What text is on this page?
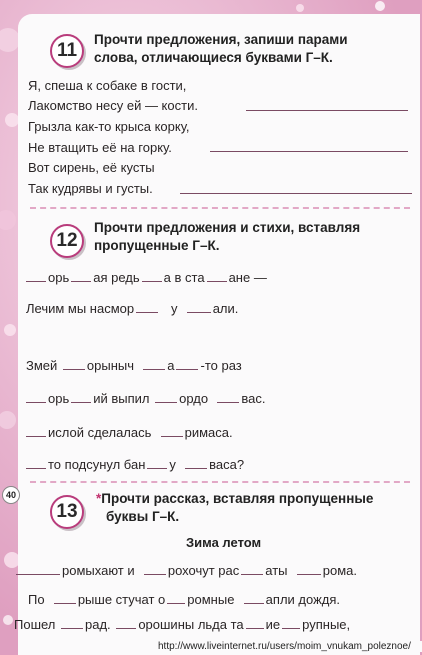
11
Прочти предложения, запиши парами
слова, отличающиеся буквами Г–К.
Я, спеша к собаке в гости,
Лакомство несу ей — кости.
Грызла как-то крыса корку,
Не втащить её на горку.
Вот сирень, её кусты
Так кудрявы и густы.
12
Прочти предложения и стихи, вставляя
пропущенные Г–К.
орь ая редь а в ста ане —
Лечим мы насмор	у	али.
Змей орыныч	а -то раз
орь ий выпил ордо	вас.
ислой сделалась	римаса.
то подсунул бан у	васа?
40
13
*Прочти рассказ, вставляя пропущенные
буквы Г–К.
Зима летом
ромыхают и	рохочут рас аты	рома.
По	рыше стучат о ромные апли дождя.
Пошел рад. орошины льда та ие рупные,
http://www.liveinternet.ru/users/moim_vnukam_poleznoe/
